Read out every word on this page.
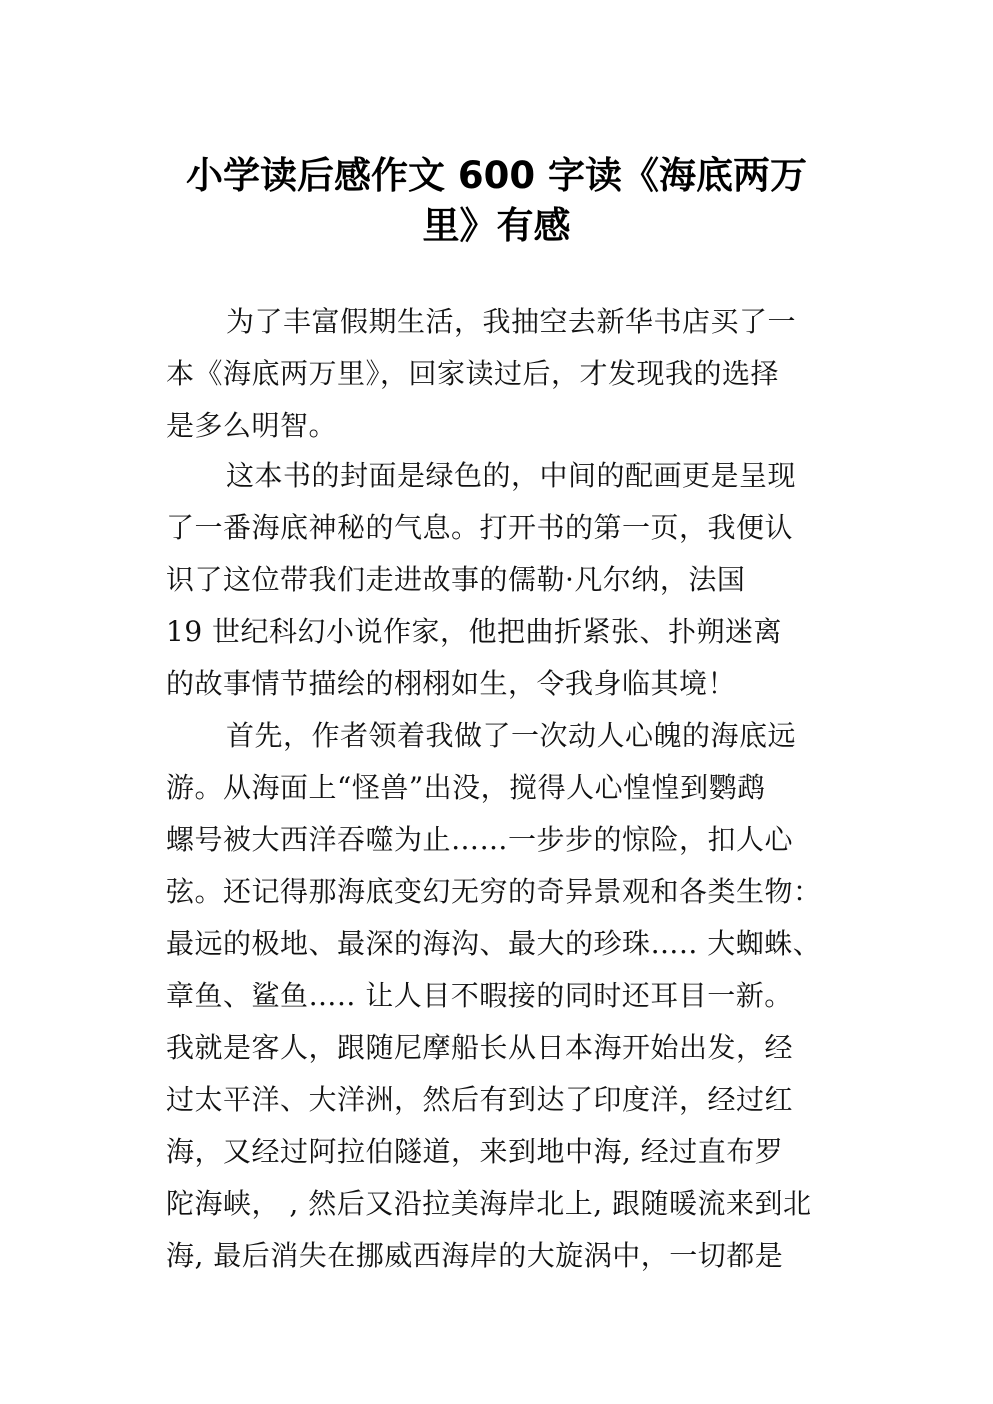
小学读后感作文 600 字读《海底两万
里》有感
为了丰富假期生活，我抽空去新华书店买了一
本《海底两万里》，回家读过后，才发现我的选择
是多么明智。
这本书的封面是绿色的，中间的配画更是呈现
了一番海底神秘的气息。打开书的第一页，我便认
识了这位带我们走进故事的儒勒·凡尔纳，法国
19 世纪科幻小说作家，他把曲折紧张、扑朔迷离
的故事情节描绘的栩栩如生，令我身临其境！
首先，作者领着我做了一次动人心魄的海底远
游。从海面上“怪兽”出没，搅得人心惶惶到鹦鹉
螺号被大西洋吞噬为止……一步步的惊险，扣人心
弦。还记得那海底变幻无穷的奇异景观和各类生物：
最远的极地、最深的海沟、最大的珍珠….. 大蜘蛛、
章鱼、鲨鱼….. 让人目不暇接的同时还耳目一新。
我就是客人，跟随尼摩船长从日本海开始出发，经
过太平洋、大洋洲，然后有到达了印度洋，经过红
海，又经过阿拉伯隧道，来到地中海, 经过直布罗
陀海峡， , 然后又沿拉美海岸北上, 跟随暖流来到北
海, 最后消失在挪威西海岸的大旋涡中，一切都是
